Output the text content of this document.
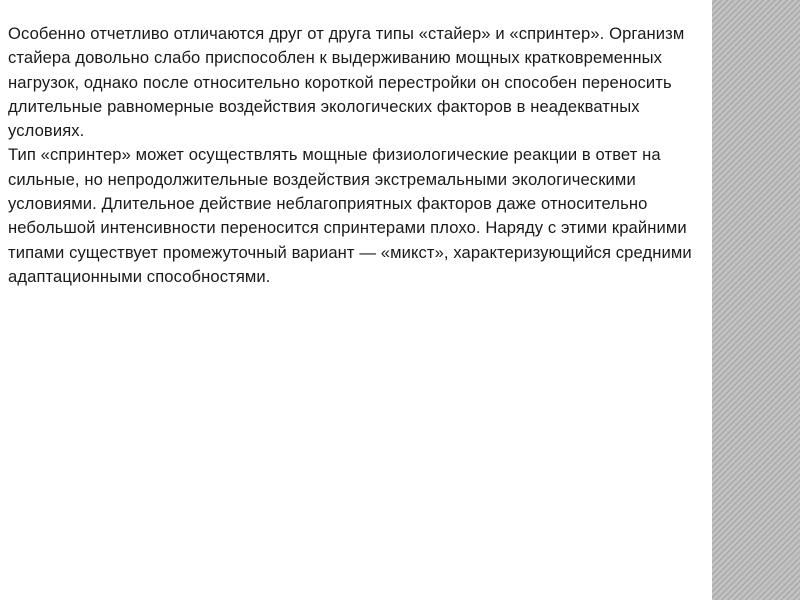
Особенно отчетливо отличаются друг от друга типы «стайер» и «спринтер». Организм стайера довольно слабо приспособлен к выдерживанию мощных кратковременных нагрузок, однако после относительно короткой перестройки он способен переносить длительные равномерные воздействия экологических факторов в неадекватных условиях.

Тип «спринтер» может осуществлять мощные физиологические реакции в ответ на сильные, но непродолжительные воздействия экстремальными экологическими условиями. Длительное действие неблагоприятных факторов даже относительно небольшой интенсивности переносится спринтерами плохо. Наряду с этими крайними типами существует промежуточный вариант — «микст», характеризующийся средними адаптационными способностями.
